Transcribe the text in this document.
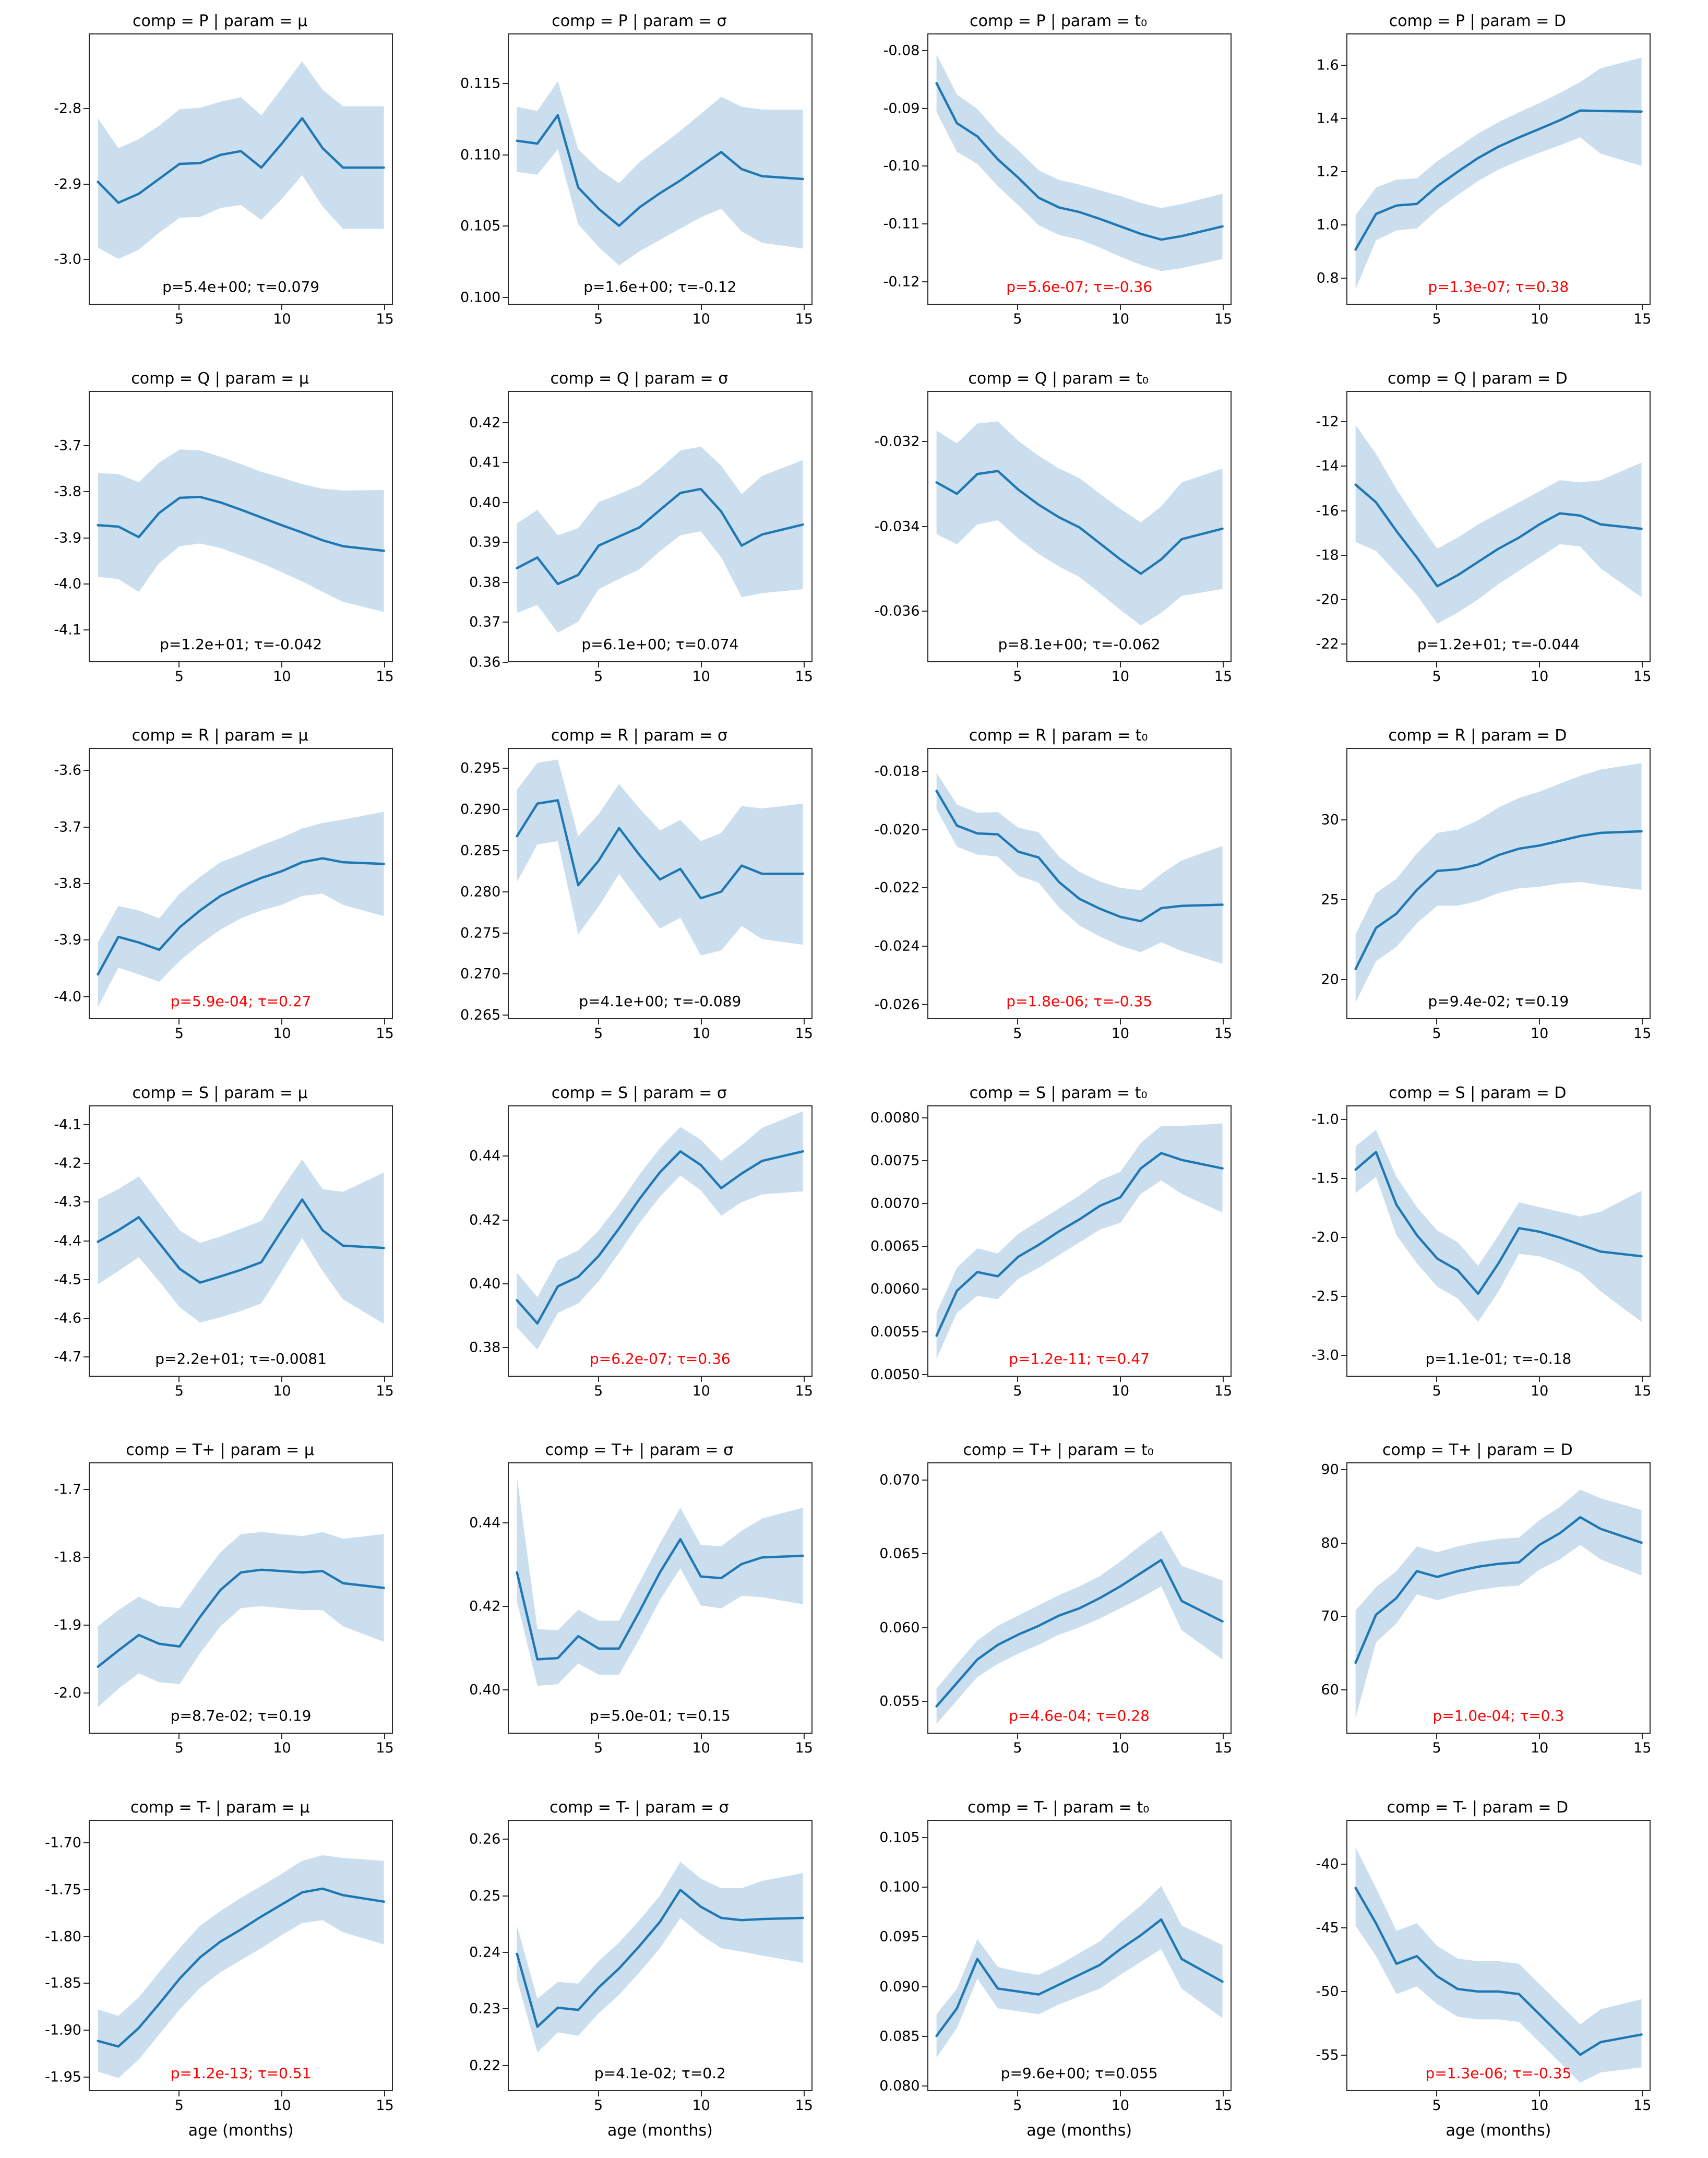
comp = P | param = μ
p=5.4e+00; τ=0.079
-3.0
-2.9
-2.8
5	10	15
comp = P | param = σ
p=1.6e+00; τ=-0.12
0.100
0.105
0.110
0.115
5	10	15
comp = P | param = t₀
p=5.6e-07; τ=-0.36
-0.12
-0.11
-0.10
-0.09
-0.08
5	10	15
comp = P | param = D
p=1.3e-07; τ=0.38
0.8
1.0
1.2
1.4
1.6
5	10	15
comp = Q | param = μ
p=1.2e+01; τ=-0.042
-4.1
-4.0
-3.9
-3.8
-3.7
5	10	15
comp = Q | param = σ
p=6.1e+00; τ=0.074
0.36
0.37
0.38
0.39
0.40
0.41
0.42
5	10	15
comp = Q | param = t₀
p=8.1e+00; τ=-0.062
-0.036
-0.034
-0.032
5	10	15
comp = Q | param = D
p=1.2e+01; τ=-0.044
-22
-20
-18
-16
-14
-12
5	10	15
comp = R | param = μ
p=5.9e-04; τ=0.27
-4.0
-3.9
-3.8
-3.7
-3.6
5	10	15
comp = R | param = σ
p=4.1e+00; τ=-0.089
0.265
0.270
0.275
0.280
0.285
0.290
0.295
5	10	15
comp = R | param = t₀
p=1.8e-06; τ=-0.35
-0.026
-0.024
-0.022
-0.020
-0.018
5	10	15
comp = R | param = D
p=9.4e-02; τ=0.19
20
25
30
5	10	15
comp = S | param = μ
p=2.2e+01; τ=-0.0081
-4.7
-4.6
-4.5
-4.4
-4.3
-4.2
-4.1
5	10	15
comp = S | param = σ
p=6.2e-07; τ=0.36
0.38
0.40
0.42
0.44
5	10	15
comp = S | param = t₀
p=1.2e-11; τ=0.47
0.0050
0.0055
0.0060
0.0065
0.0070
0.0075
0.0080
5	10	15
comp = S | param = D
p=1.1e-01; τ=-0.18
-3.0
-2.5
-2.0
-1.5
-1.0
5	10	15
comp = T+ | param = μ
p=8.7e-02; τ=0.19
-2.0
-1.9
-1.8
-1.7
5	10	15
comp = T+ | param = σ
p=5.0e-01; τ=0.15
0.40
0.42
0.44
5	10	15
comp = T+ | param = t₀
p=4.6e-04; τ=0.28
0.055
0.060
0.065
0.070
5	10	15
comp = T+ | param = D
p=1.0e-04; τ=0.3
60
70
80
90
5	10	15
comp = T- | param = μ
p=1.2e-13; τ=0.51
-1.95
-1.90
-1.85
-1.80
-1.75
-1.70
5	10	15
age (months)
comp = T- | param = σ
p=4.1e-02; τ=0.2
0.22
0.23
0.24
0.25
0.26
5	10	15
age (months)
comp = T- | param = t₀
p=9.6e+00; τ=0.055
0.080
0.085
0.090
0.095
0.100
0.105
5	10	15
age (months)
comp = T- | param = D
p=1.3e-06; τ=-0.35
-55
-50
-45
-40
5	10	15
age (months)
